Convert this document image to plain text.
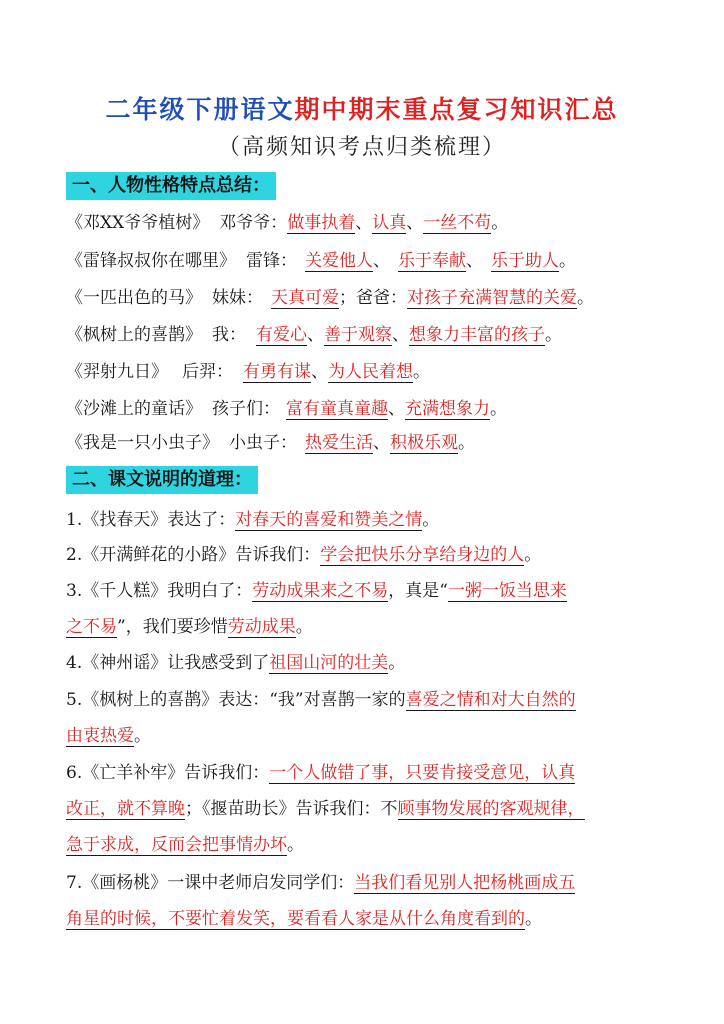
二年级下册语文期中期末重点复习知识汇总
（高频知识考点归类梳理）
一、人物性格特点总结：
《邓XX爷爷植树》 邓爷爷：做事执着、认真、一丝不苟。
《雷锋叔叔你在哪里》 雷锋： 关爱他人、 乐于奉献、 乐于助人。
《一匹出色的马》 妹妹： 天真可爱；爸爸：对孩子充满智慧的关爱。
《枫树上的喜鹊》 我： 有爱心、善于观察、想象力丰富的孩子。
《羿射九日》 后羿： 有勇有谋、为人民着想。
《沙滩上的童话》 孩子们： 富有童真童趣、充满想象力。
《我是一只小虫子》 小虫子： 热爱生活、积极乐观。
二、课文说明的道理：
1.《找春天》表达了：对春天的喜爱和赞美之情。
2.《开满鲜花的小路》告诉我们：学会把快乐分享给身边的人。
3.《千人糕》我明白了：劳动成果来之不易，真是“一粥一饭当思来
之不易”，我们要珍惜劳动成果。
4.《神州谣》让我感受到了祖国山河的壮美。
5.《枫树上的喜鹊》表达：“我”对喜鹊一家的喜爱之情和对大自然的
由衷热爱。
6.《亡羊补牢》告诉我们：一个人做错了事，只要肯接受意见，认真
改正，就不算晚；《揠苗助长》告诉我们：不顾事物发展的客观规律，
急于求成，反而会把事情办坏。
7.《画杨桃》一课中老师启发同学们：当我们看见别人把杨桃画成五
角星的时候，不要忙着发笑，要看看人家是从什么角度看到的。
